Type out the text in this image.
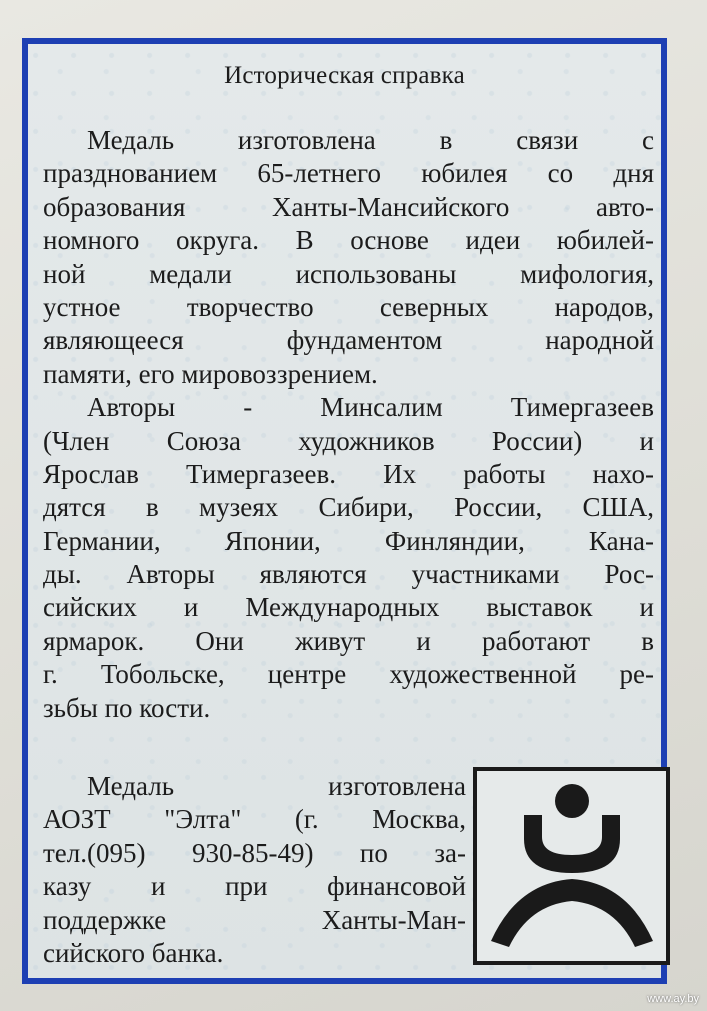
Историческая справка
Медаль изготовлена в связи с
празднованием 65-летнего юбилея со дня
образования Ханты-Мансийского авто-
номного округа. В основе идеи юбилей-
ной медали использованы мифология,
устное творчество северных народов,
являющееся фундаментом народной
памяти, его мировоззрением.
Авторы - Минсалим Тимергазеев
(Член Союза художников России) и
Ярослав Тимергазеев. Их работы нахо-
дятся в музеях Сибири, России, США,
Германии, Японии, Финляндии, Кана-
ды. Авторы являются участниками Рос-
сийских и Международных выставок и
ярмарок. Они живут и работают в
г. Тобольске, центре художественной ре-
зьбы по кости.
Медаль изготовлена
АОЗТ "Элта" (г. Москва,
тел.(095) 930-85-49) по за-
казу и при финансовой
поддержке Ханты-Ман-
сийского банка.
www.ay.by
